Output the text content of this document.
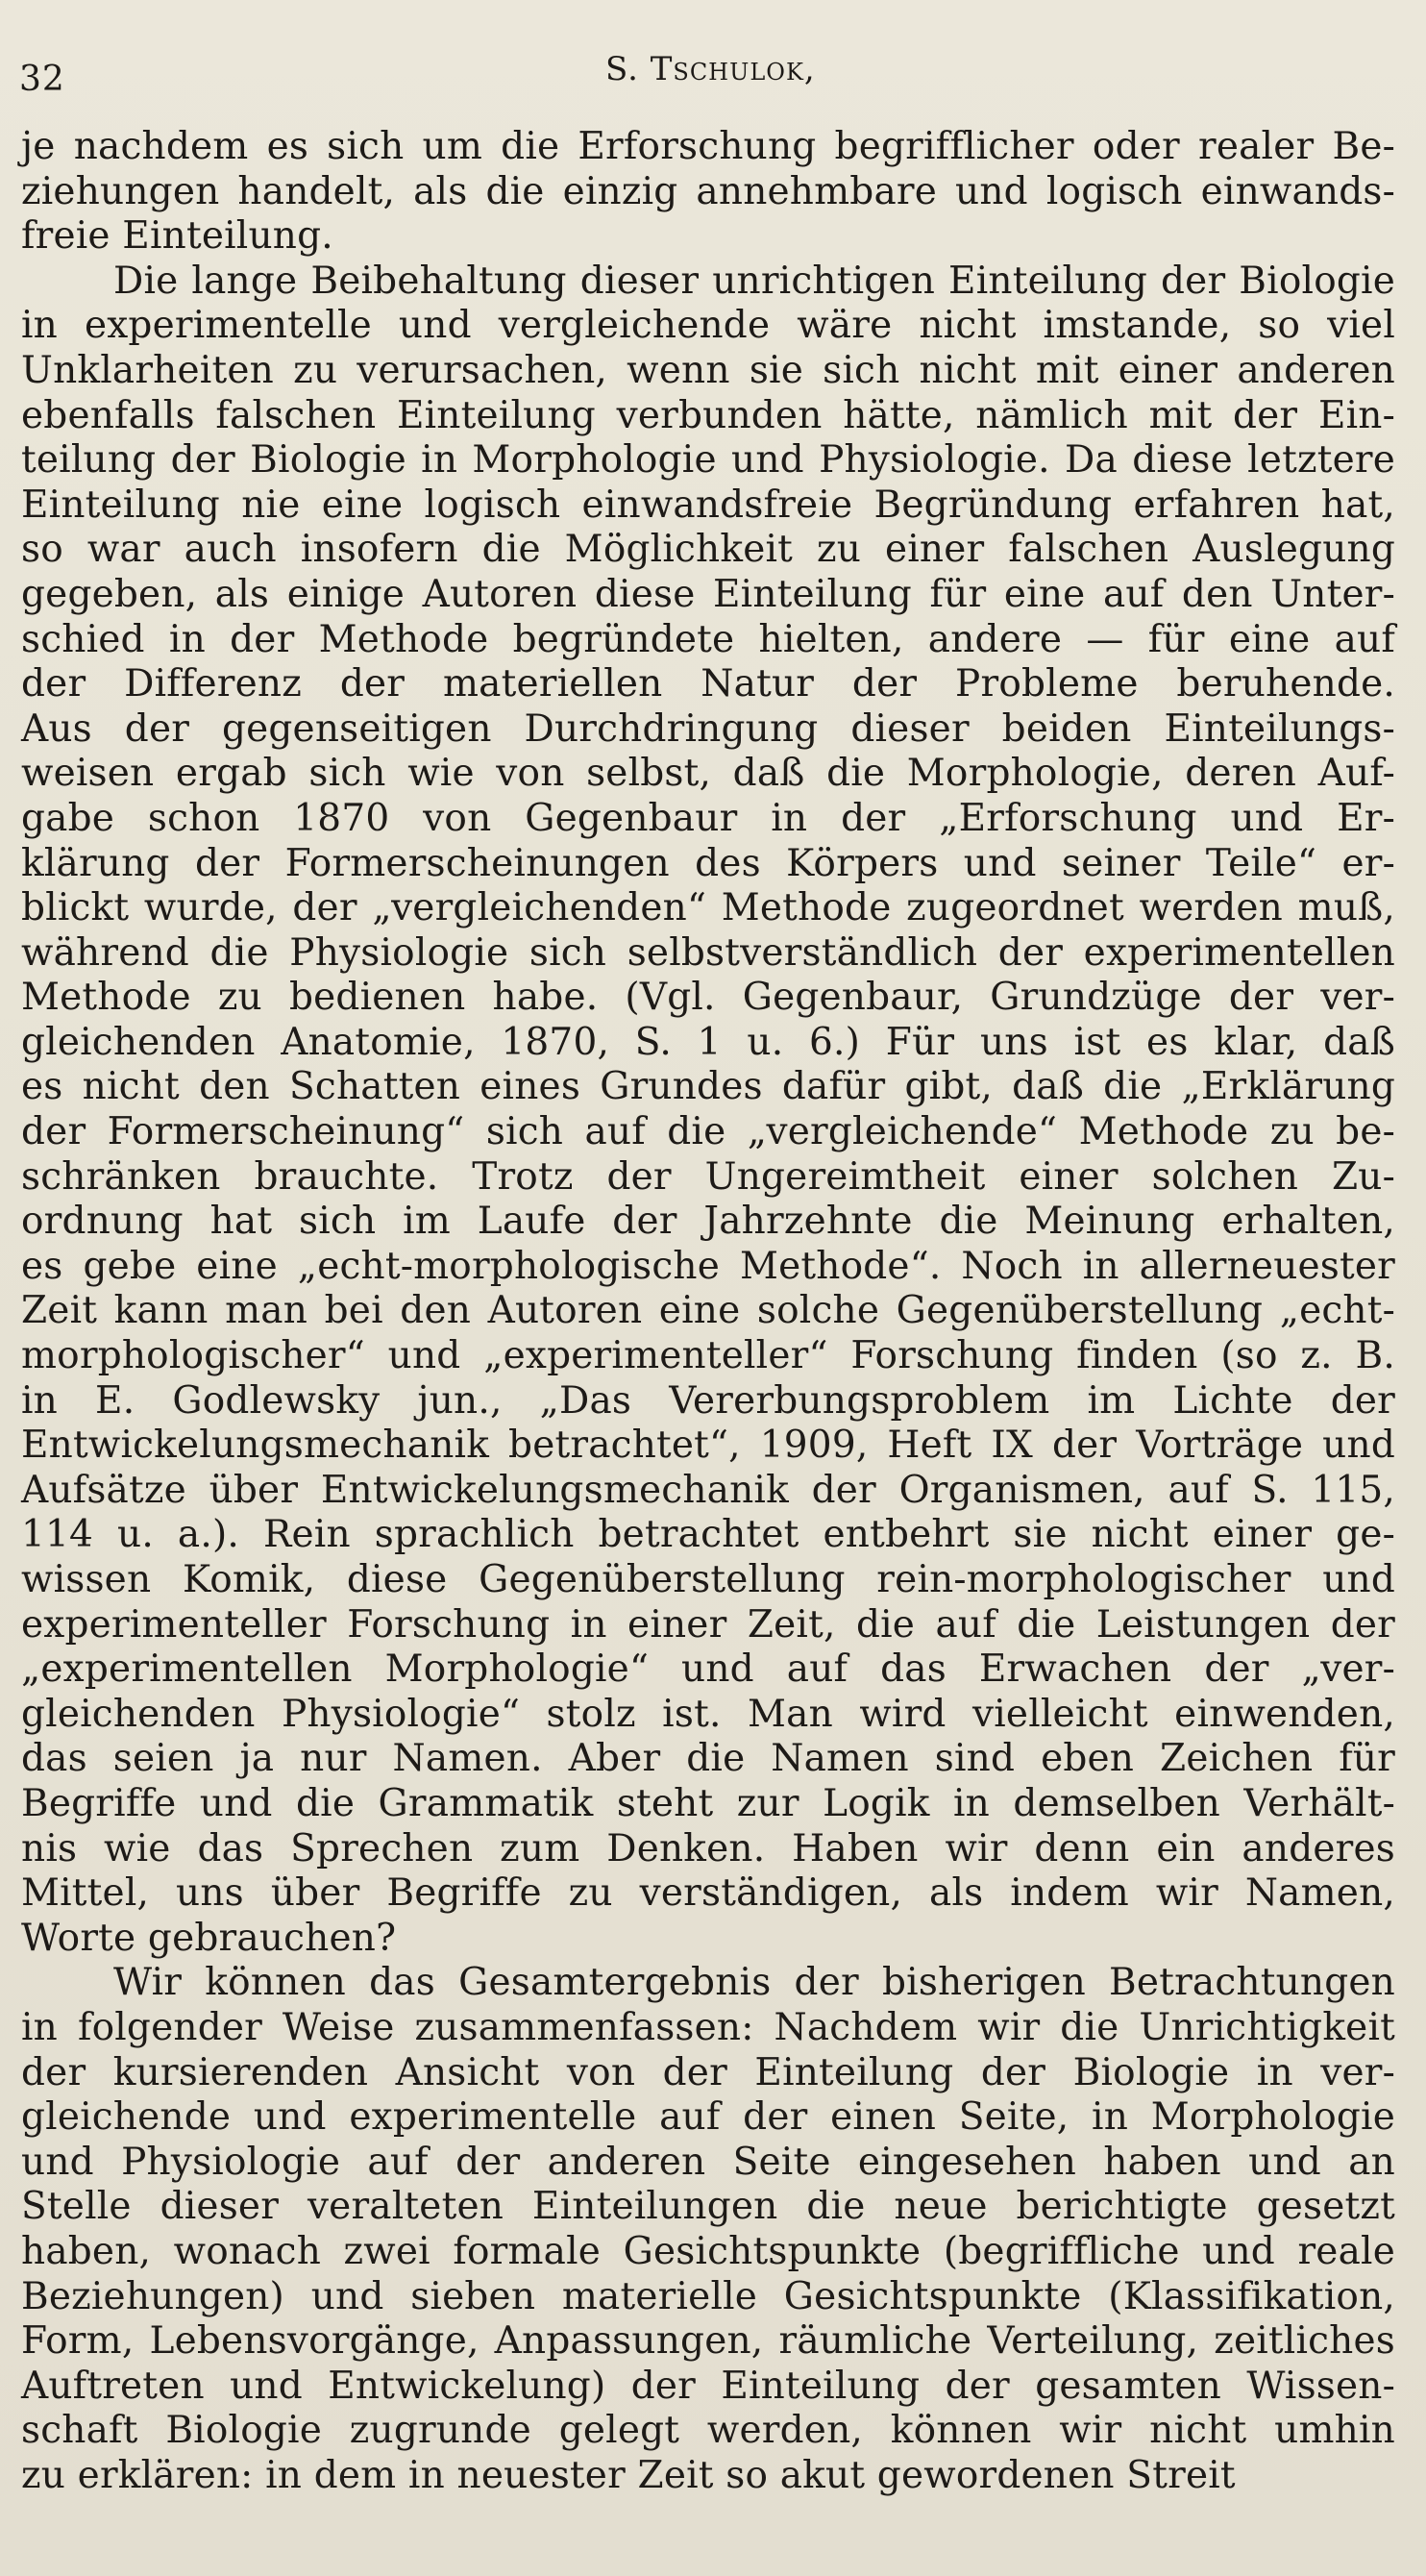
32	S. Tschulok,
je nachdem es sich um die Erforschung begrifflicher oder realer Be-
ziehungen handelt, als die einzig annehmbare und logisch einwands-
freie Einteilung.
Die lange Beibehaltung dieser unrichtigen Einteilung der Biologie
in experimentelle und vergleichende wäre nicht imstande, so viel
Unklarheiten zu verursachen, wenn sie sich nicht mit einer anderen
ebenfalls falschen Einteilung verbunden hätte, nämlich mit der Ein-
teilung der Biologie in Morphologie und Physiologie. Da diese letztere
Einteilung nie eine logisch einwandsfreie Begründung erfahren hat,
so war auch insofern die Möglichkeit zu einer falschen Auslegung
gegeben, als einige Autoren diese Einteilung für eine auf den Unter-
schied in der Methode begründete hielten, andere — für eine auf
der Differenz der materiellen Natur der Probleme beruhende.
Aus der gegenseitigen Durchdringung dieser beiden Einteilungs-
weisen ergab sich wie von selbst, daß die Morphologie, deren Auf-
gabe schon 1870 von Gegenbaur in der „Erforschung und Er-
klärung der Formerscheinungen des Körpers und seiner Teile“ er-
blickt wurde, der „vergleichenden“ Methode zugeordnet werden muß,
während die Physiologie sich selbstverständlich der experimentellen
Methode zu bedienen habe. (Vgl. Gegenbaur, Grundzüge der ver-
gleichenden Anatomie, 1870, S. 1 u. 6.) Für uns ist es klar, daß
es nicht den Schatten eines Grundes dafür gibt, daß die „Erklärung
der Formerscheinung“ sich auf die „vergleichende“ Methode zu be-
schränken brauchte. Trotz der Ungereimtheit einer solchen Zu-
ordnung hat sich im Laufe der Jahrzehnte die Meinung erhalten,
es gebe eine „echt-morphologische Methode“. Noch in allerneuester
Zeit kann man bei den Autoren eine solche Gegenüberstellung „echt-
morphologischer“ und „experimenteller“ Forschung finden (so z. B.
in E. Godlewsky jun., „Das Vererbungsproblem im Lichte der
Entwickelungsmechanik betrachtet“, 1909, Heft IX der Vorträge und
Aufsätze über Entwickelungsmechanik der Organismen, auf S. 115,
114 u. a.). Rein sprachlich betrachtet entbehrt sie nicht einer ge-
wissen Komik, diese Gegenüberstellung rein-morphologischer und
experimenteller Forschung in einer Zeit, die auf die Leistungen der
„experimentellen Morphologie“ und auf das Erwachen der „ver-
gleichenden Physiologie“ stolz ist. Man wird vielleicht einwenden,
das seien ja nur Namen. Aber die Namen sind eben Zeichen für
Begriffe und die Grammatik steht zur Logik in demselben Verhält-
nis wie das Sprechen zum Denken. Haben wir denn ein anderes
Mittel, uns über Begriffe zu verständigen, als indem wir Namen,
Worte gebrauchen?
Wir können das Gesamtergebnis der bisherigen Betrachtungen
in folgender Weise zusammenfassen: Nachdem wir die Unrichtigkeit
der kursierenden Ansicht von der Einteilung der Biologie in ver-
gleichende und experimentelle auf der einen Seite, in Morphologie
und Physiologie auf der anderen Seite eingesehen haben und an
Stelle dieser veralteten Einteilungen die neue berichtigte gesetzt
haben, wonach zwei formale Gesichtspunkte (begriffliche und reale
Beziehungen) und sieben materielle Gesichtspunkte (Klassifikation,
Form, Lebensvorgänge, Anpassungen, räumliche Verteilung, zeitliches
Auftreten und Entwickelung) der Einteilung der gesamten Wissen-
schaft Biologie zugrunde gelegt werden, können wir nicht umhin
zu erklären: in dem in neuester Zeit so akut gewordenen Streit
